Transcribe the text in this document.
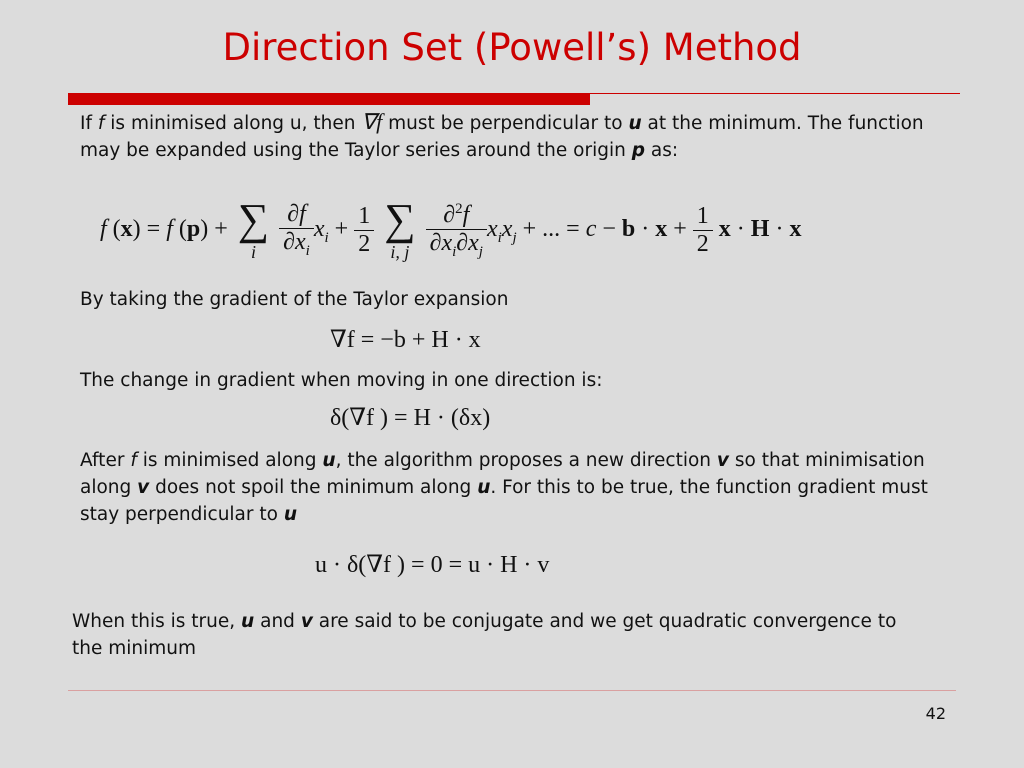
Direction Set (Powell’s) Method
If f is minimised along u, then ∇f must be perpendicular to u at the minimum. The function may be expanded using the Taylor series around the origin p as:
f (x) = f (p) + ∑
i
$\frac{\partial f}{\partial x_i} x_i + \frac{1}{2}$
∑
i, j
$\frac{\partial^2f}{\partial x_i\partial x_j} x_ix_j$ + ... = $c - b \cdot x + \frac{1}{2}$ x · H · x
By taking the gradient of the Taylor expansion
∇f = −b + H · x
The change in gradient when moving in one direction is:
δ(∇f ) = H · (δx)
After f is minimised along u, the algorithm proposes a new direction v so that minimisation along v does not spoil the minimum along u. For this to be true, the function gradient must stay perpendicular to u
u · δ(∇f ) = 0 = u · H · v
When this is true, u and v are said to be conjugate and we get quadratic convergence to the minimum
42
